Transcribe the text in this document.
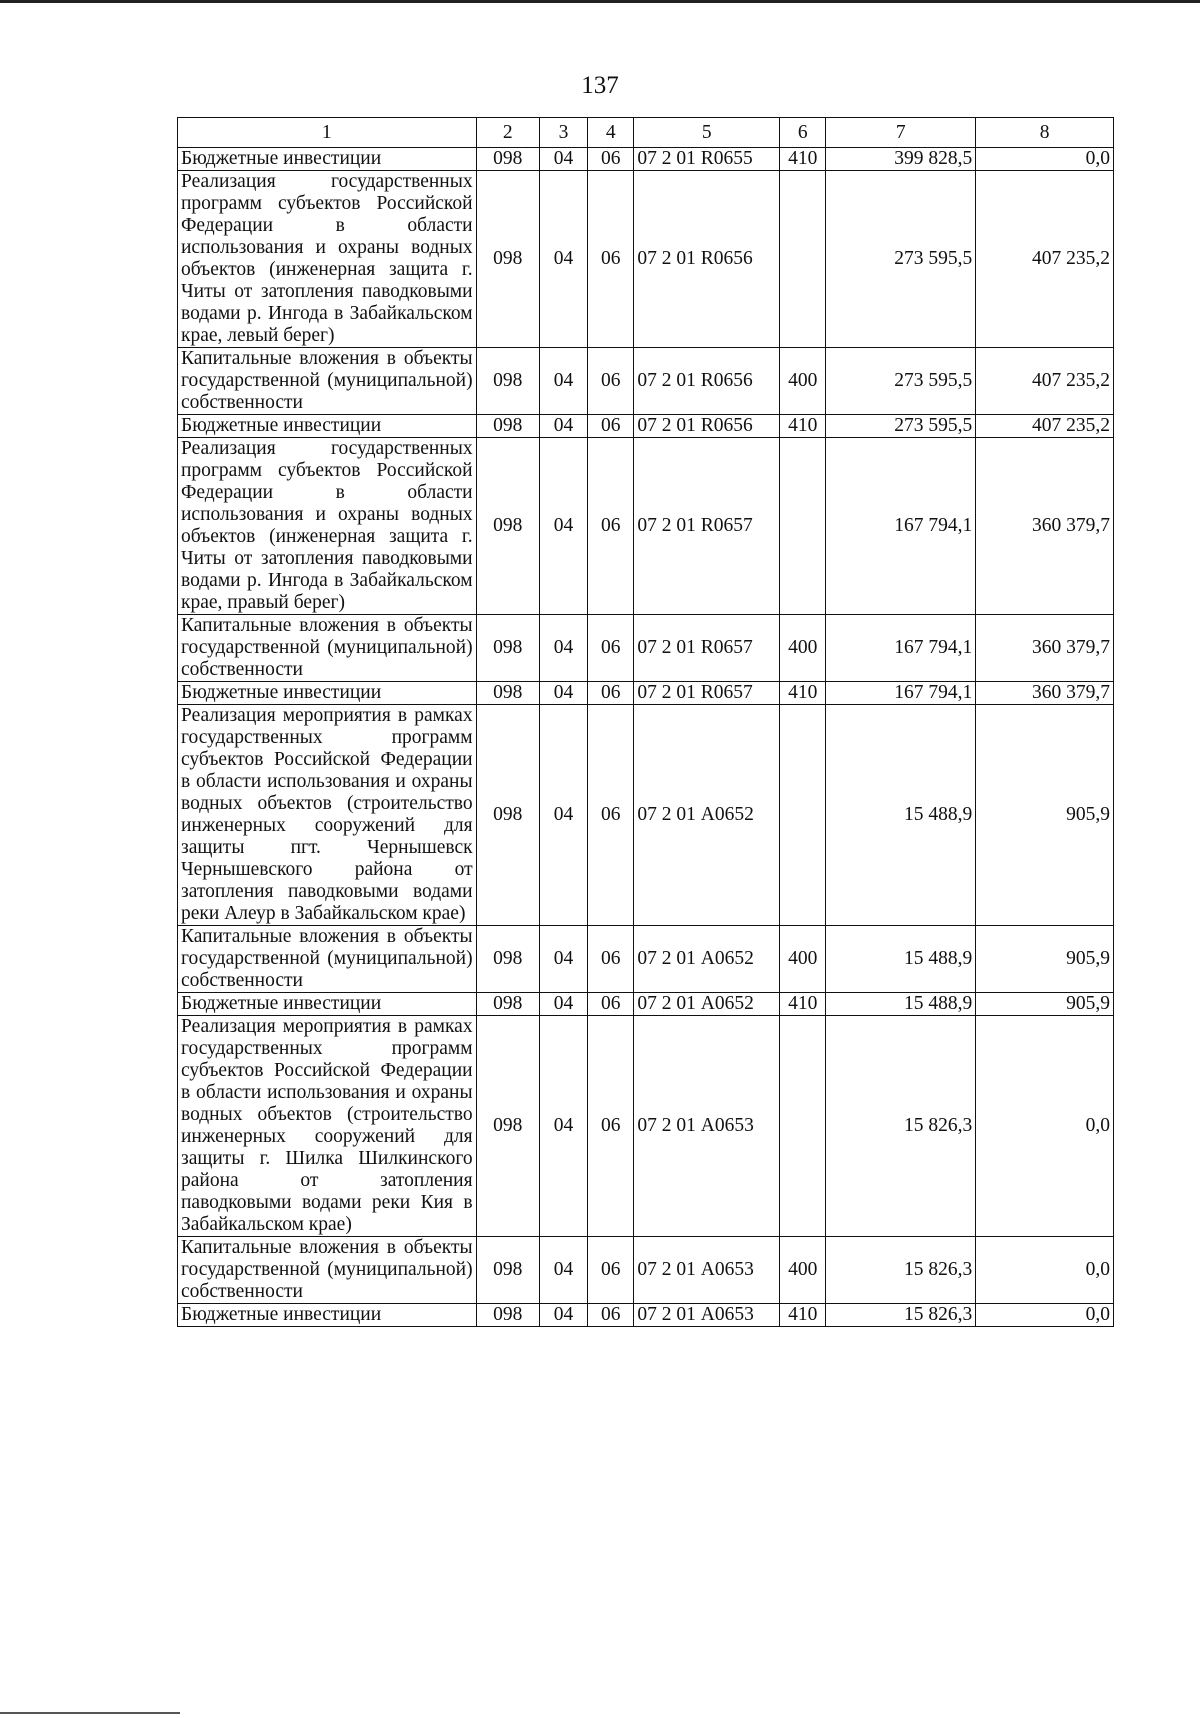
137
1	2	3	4	5	6	7	8
Бюджетные инвестиции	098	04	06	07 2 01 R0655	410	399 828,5	0,0
Реализация государственных программ субъектов Российской Федерации в области использования и охраны водных объектов (инженерная защита г. Читы от затопления паводковыми водами р. Ингода в Забайкальском крае, левый берег)	098	04	06	07 2 01 R0656		273 595,5	407 235,2
Капитальные вложения в объекты государственной (муниципальной) собственности	098	04	06	07 2 01 R0656	400	273 595,5	407 235,2
Бюджетные инвестиции	098	04	06	07 2 01 R0656	410	273 595,5	407 235,2
Реализация государственных программ субъектов Российской Федерации в области использования и охраны водных объектов (инженерная защита г. Читы от затопления паводковыми водами р. Ингода в Забайкальском крае, правый берег)	098	04	06	07 2 01 R0657		167 794,1	360 379,7
Капитальные вложения в объекты государственной (муниципальной) собственности	098	04	06	07 2 01 R0657	400	167 794,1	360 379,7
Бюджетные инвестиции	098	04	06	07 2 01 R0657	410	167 794,1	360 379,7
Реализация мероприятия в рамках государственных программ субъектов Российской Федерации в области использования и охраны водных объектов (строительство инженерных сооружений для защиты пгт. Чернышевск Чернышевского района от затопления паводковыми водами реки Алеур в Забайкальском крае)	098	04	06	07 2 01 А0652		15 488,9	905,9
Капитальные вложения в объекты государственной (муниципальной) собственности	098	04	06	07 2 01 А0652	400	15 488,9	905,9
Бюджетные инвестиции	098	04	06	07 2 01 А0652	410	15 488,9	905,9
Реализация мероприятия в рамках государственных программ субъектов Российской Федерации в области использования и охраны водных объектов (строительство инженерных сооружений для защиты г. Шилка Шилкинского района от затопления паводковыми водами реки Кия в Забайкальском крае)	098	04	06	07 2 01 А0653		15 826,3	0,0
Капитальные вложения в объекты государственной (муниципальной) собственности	098	04	06	07 2 01 А0653	400	15 826,3	0,0
Бюджетные инвестиции	098	04	06	07 2 01 А0653	410	15 826,3	0,0
